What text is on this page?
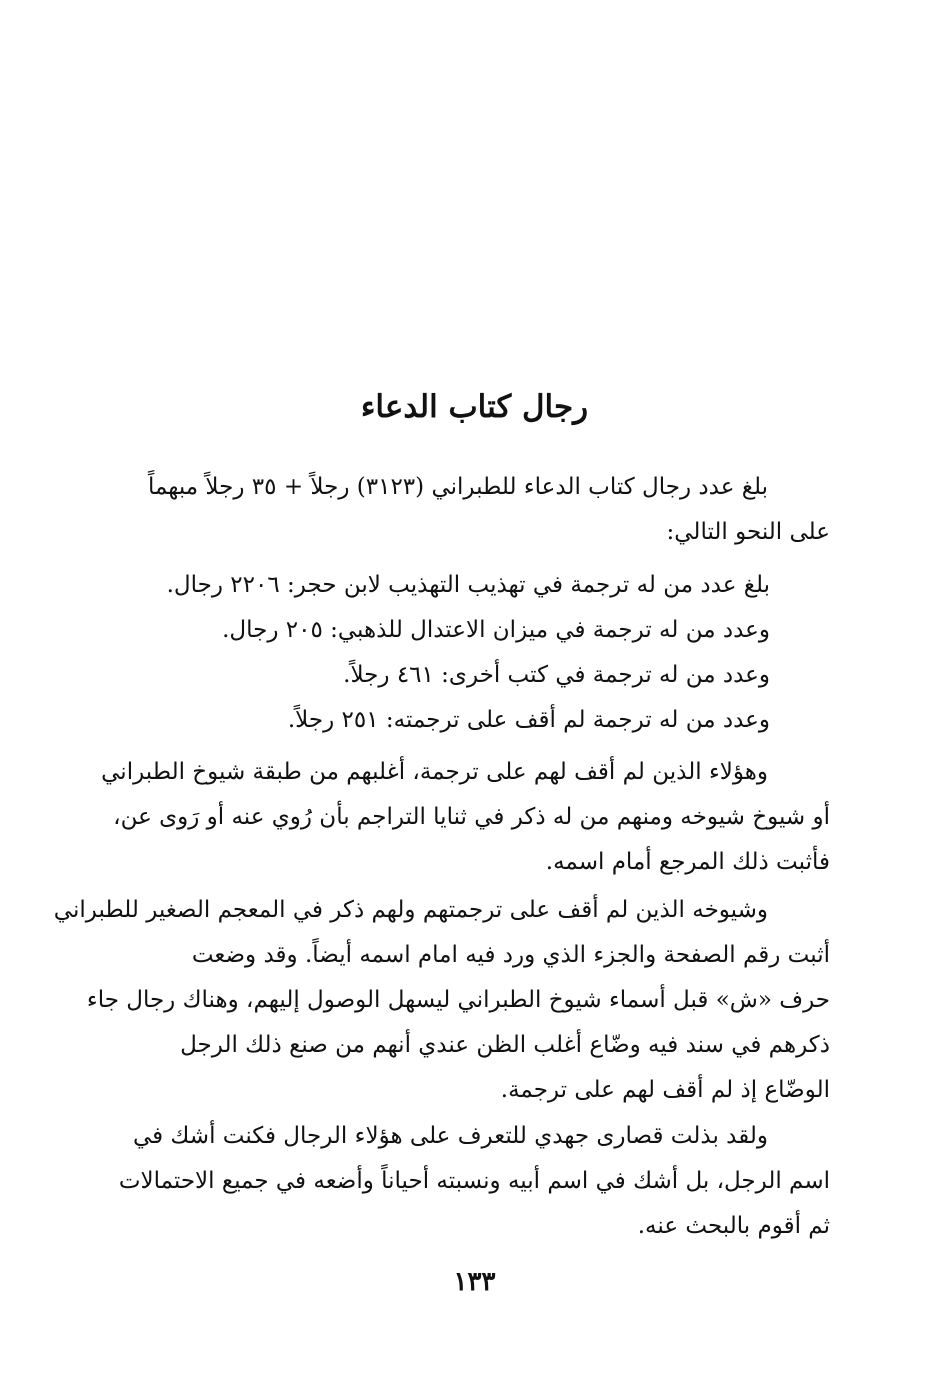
رجال كتاب الدعاء
بلغ عدد رجال كتاب الدعاء للطبراني (٣١٢٣) رجلاً + ٣٥ رجلاً مبهماً
على النحو التالي:
بلغ عدد من له ترجمة في تهذيب التهذيب لابن حجر: ٢٢٠٦ رجال.
وعدد من له ترجمة في ميزان الاعتدال للذهبي: ٢٠٥ رجال.
وعدد من له ترجمة في كتب أخرى: ٤٦١ رجلاً.
وعدد من له ترجمة لم أقف على ترجمته: ٢٥١ رجلاً.
وهؤلاء الذين لم أقف لهم على ترجمة، أغلبهم من طبقة شيوخ الطبراني
أو شيوخ شيوخه ومنهم من له ذكر في ثنايا التراجم بأن رُوي عنه أو رَوى عن،
فأثبت ذلك المرجع أمام اسمه.
وشيوخه الذين لم أقف على ترجمتهم ولهم ذكر في المعجم الصغير للطبراني
أثبت رقم الصفحة والجزء الذي ورد فيه امام اسمه أيضاً. وقد وضعت
حرف «ش» قبل أسماء شيوخ الطبراني ليسهل الوصول إليهم، وهناك رجال جاء
ذكرهم في سند فيه وضّاع أغلب الظن عندي أنهم من صنع ذلك الرجل
الوضّاع إذ لم أقف لهم على ترجمة.
ولقد بذلت قصارى جهدي للتعرف على هؤلاء الرجال فكنت أشك في
اسم الرجل، بل أشك في اسم أبيه ونسبته أحياناً وأضعه في جميع الاحتمالات
ثم أقوم بالبحث عنه.
١٣٣
